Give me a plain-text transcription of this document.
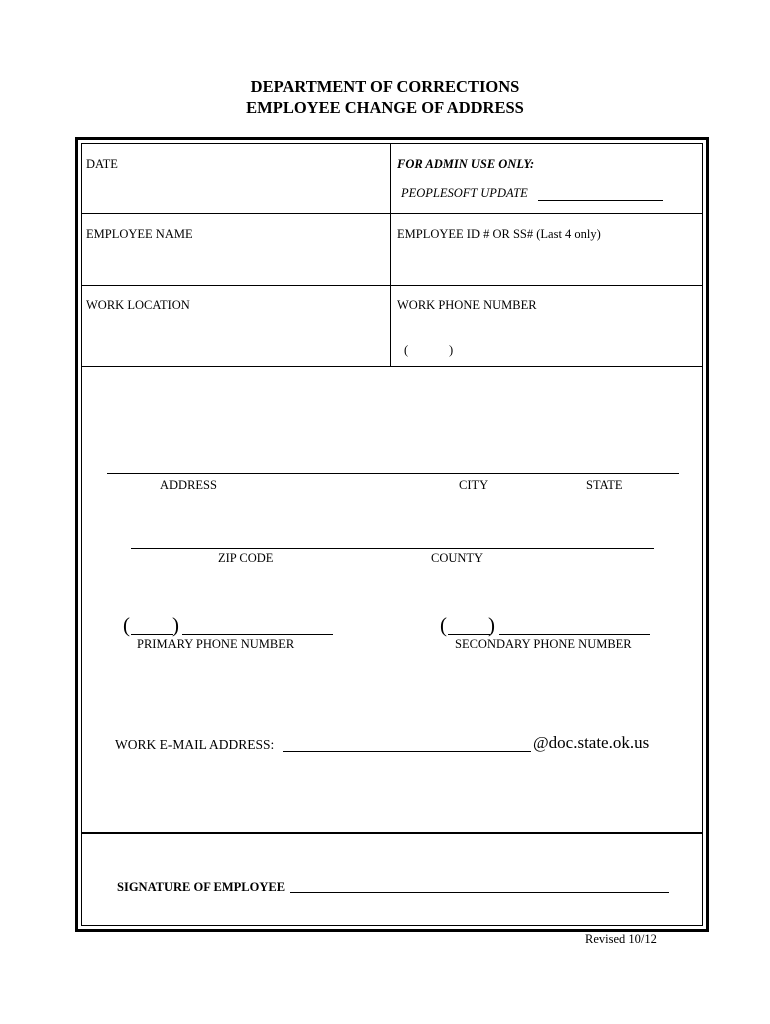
DEPARTMENT OF CORRECTIONS
EMPLOYEE CHANGE OF ADDRESS
DATE	FOR ADMIN USE ONLY:
PEOPLESOFT UPDATE
EMPLOYEE NAME	EMPLOYEE ID # OR SS# (Last 4 only)
WORK LOCATION	WORK PHONE NUMBER
(	)
ADDRESS	CITY	STATE
ZIP CODE	COUNTY
( )
PRIMARY PHONE NUMBER
( )
SECONDARY PHONE NUMBER
WORK E-MAIL ADDRESS:	@doc.state.ok.us
SIGNATURE OF EMPLOYEE
Revised 10/12
